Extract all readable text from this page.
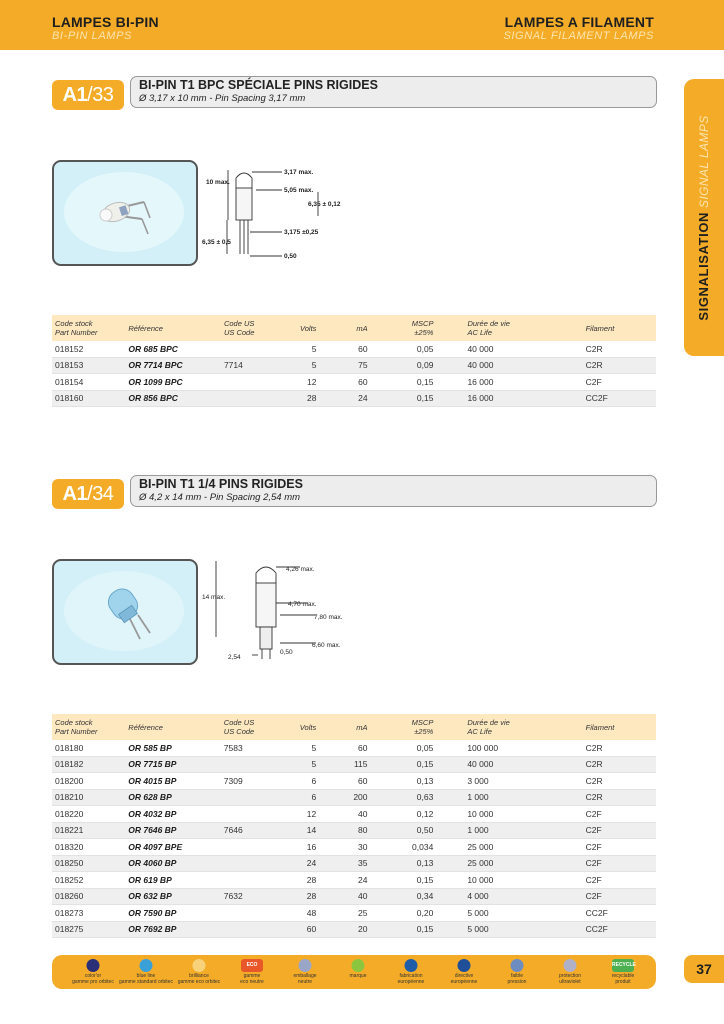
LAMPES BI-PIN
BI-PIN LAMPS
LAMPES A FILAMENT
SIGNAL FILAMENT LAMPS
SIGNALISATIONSIGNAL LAMPS
A1/33	BI-PIN T1 BPC SPÉCIALE PINS RIGIDES
Ø 3,17 x 10 mm - Pin Spacing 3,17 mm
3,17 max.
10 max.
5,05 max.
6,35 ± 0,12
6,35 ± 0,5
3,175 ±0,25
0,50
Code stock
Part Number	Référence	Code US
US Code	Volts	mA	MSCP
±25%	Durée de vie
AC Life	Filament
018152	OR 685 BPC		5	60	0,05	40 000	C2R
018153	OR 7714 BPC	7714	5	75	0,09	40 000	C2R
018154	OR 1099 BPC		12	60	0,15	16 000	C2F
018160	OR 856 BPC		28	24	0,15	16 000	CC2F
A1/34	BI-PIN T1 1/4 PINS RIGIDES
Ø 4,2 x 14 mm - Pin Spacing 2,54 mm
4,26 max.
14 max.
4,70 max.
7,80 max.
6,60 max.
2,54
0,50
Code stock
Part Number	Référence	Code US
US Code	Volts	mA	MSCP
±25%	Durée de vie
AC Life	Filament
018180	OR 585 BP	7583	5	60	0,05	100 000	C2R
018182	OR 7715 BP		5	115	0,15	40 000	C2R
018200	OR 4015 BP	7309	6	60	0,13	3 000	C2R
018210	OR 628 BP		6	200	0,63	1 000	C2R
018220	OR 4032 BP		12	40	0,12	10 000	C2F
018221	OR 7646 BP	7646	14	80	0,50	1 000	C2F
018320	OR 4097 BPE		16	30	0,034	25 000	C2F
018250	OR 4060 BP		24	35	0,13	25 000	C2F
018252	OR 619 BP		28	24	0,15	10 000	C2F
018260	OR 632 BP	7632	28	40	0,34	4 000	C2F
018273	OR 7590 BP		48	25	0,20	5 000	CC2F
018275	OR 7692 BP		60	20	0,15	5 000	CC2F
color'or
gamme pro orbitec
blue line
gamme standard orbitec
brilliance
gamme eco orbitec
ECO
gamme
eco neutre
emballage
neutre
marque	fabrication
européenne
directive
européenne
faible
pression
protection
ultraviolet
RECYCLE
recyclable
produit
37
